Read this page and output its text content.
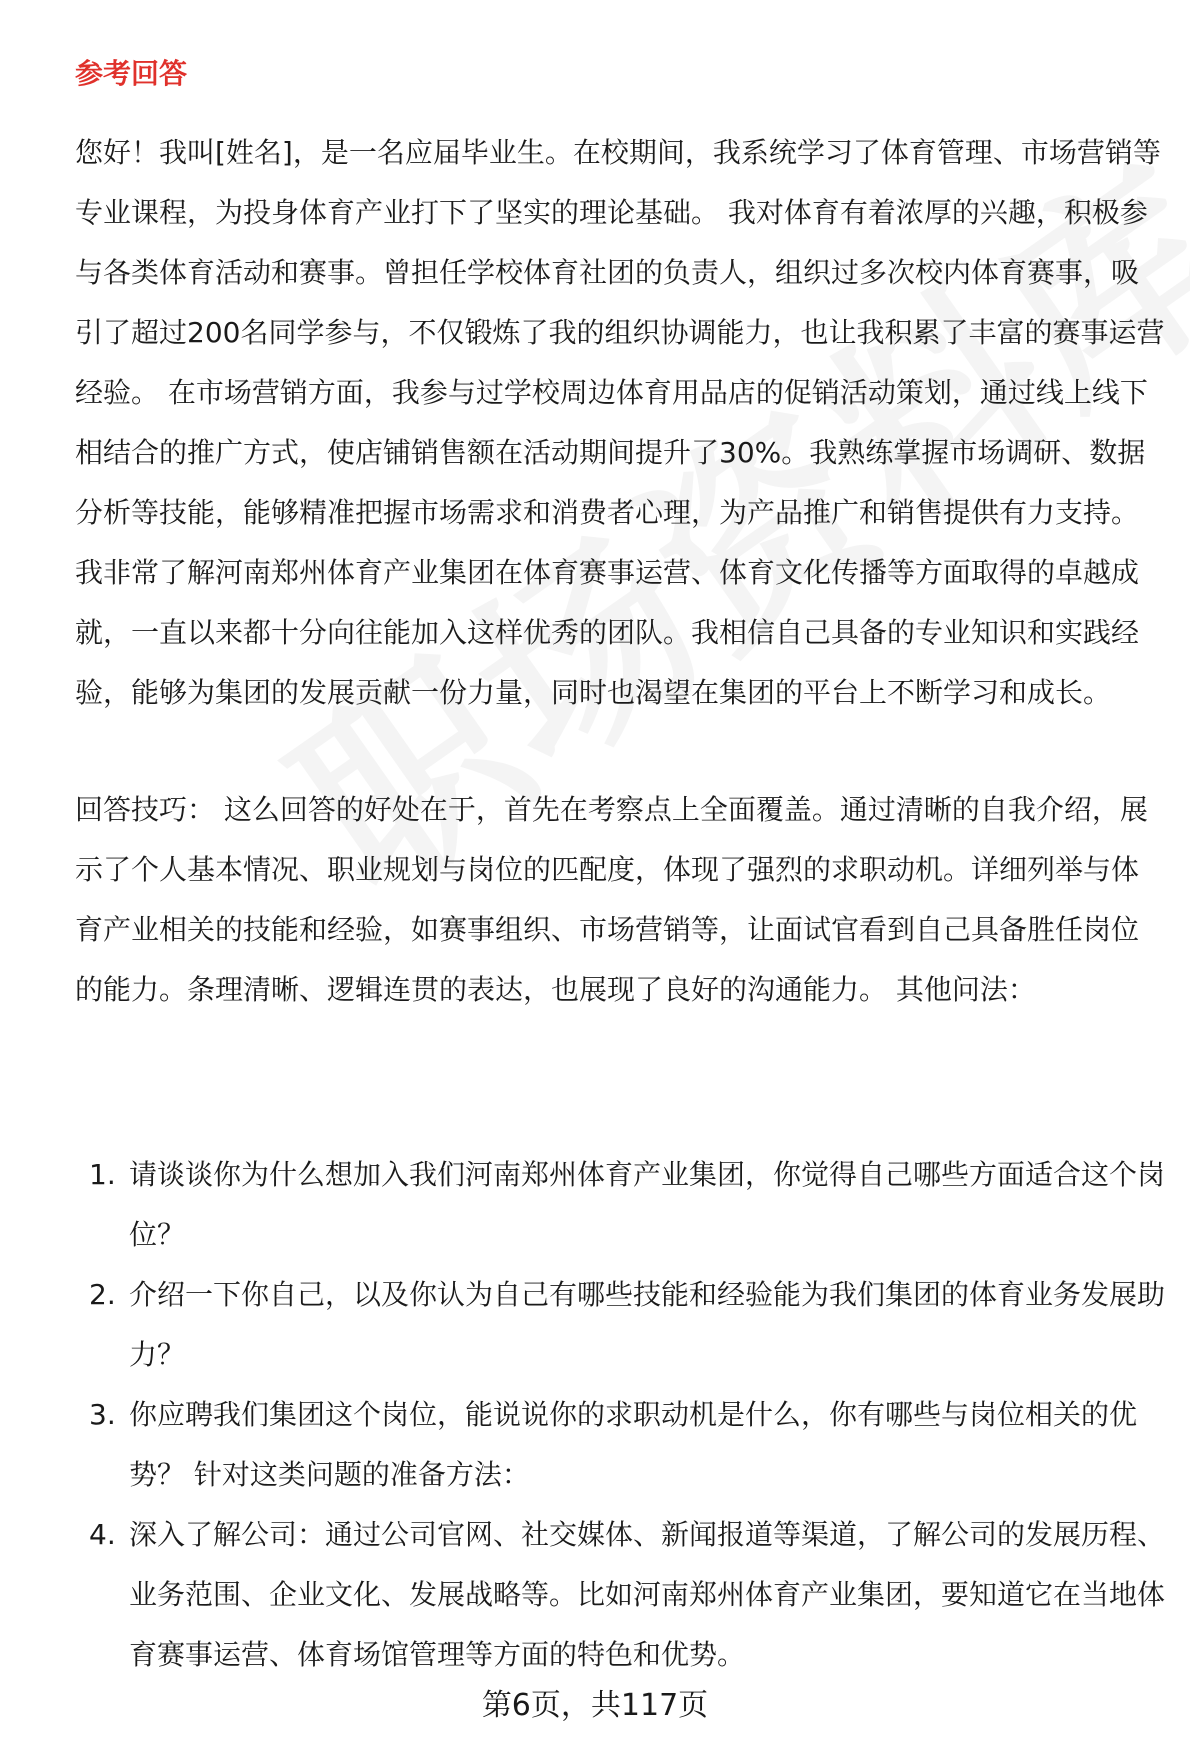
参考回答

您好！我叫[姓名]，是一名应届毕业生。在校期间，我系统学习了体育管理、市场营销等专业课程，为投身体育产业打下了坚实的理论基础。 我对体育有着浓厚的兴趣，积极参与各类体育活动和赛事。曾担任学校体育社团的负责人，组织过多次校内体育赛事，吸引了超过200名同学参与，不仅锻炼了我的组织协调能力，也让我积累了丰富的赛事运营经验。 在市场营销方面，我参与过学校周边体育用品店的促销活动策划，通过线上线下相结合的推广方式，使店铺销售额在活动期间提升了30%。我熟练掌握市场调研、数据分析等技能，能够精准把握市场需求和消费者心理，为产品推广和销售提供有力支持。 我非常了解河南郑州体育产业集团在体育赛事运营、体育文化传播等方面取得的卓越成就，一直以来都十分向往能加入这样优秀的团队。我相信自己具备的专业知识和实践经验，能够为集团的发展贡献一份力量，同时也渴望在集团的平台上不断学习和成长。

回答技巧： 这么回答的好处在于，首先在考察点上全面覆盖。通过清晰的自我介绍，展示了个人基本情况、职业规划与岗位的匹配度，体现了强烈的求职动机。详细列举与体育产业相关的技能和经验，如赛事组织、市场营销等，让面试官看到自己具备胜任岗位的能力。条理清晰、逻辑连贯的表达，也展现了良好的沟通能力。 其他问法：

1. 请谈谈你为什么想加入我们河南郑州体育产业集团，你觉得自己哪些方面适合这个岗位？
2. 介绍一下你自己，以及你认为自己有哪些技能和经验能为我们集团的体育业务发展助力？
3. 你应聘我们集团这个岗位，能说说你的求职动机是什么，你有哪些与岗位相关的优势？ 针对这类问题的准备方法：
4. 深入了解公司：通过公司官网、社交媒体、新闻报道等渠道，了解公司的发展历程、业务范围、企业文化、发展战略等。比如河南郑州体育产业集团，要知道它在当地体育赛事运营、体育场馆管理等方面的特色和优势。
第6页，共117页
